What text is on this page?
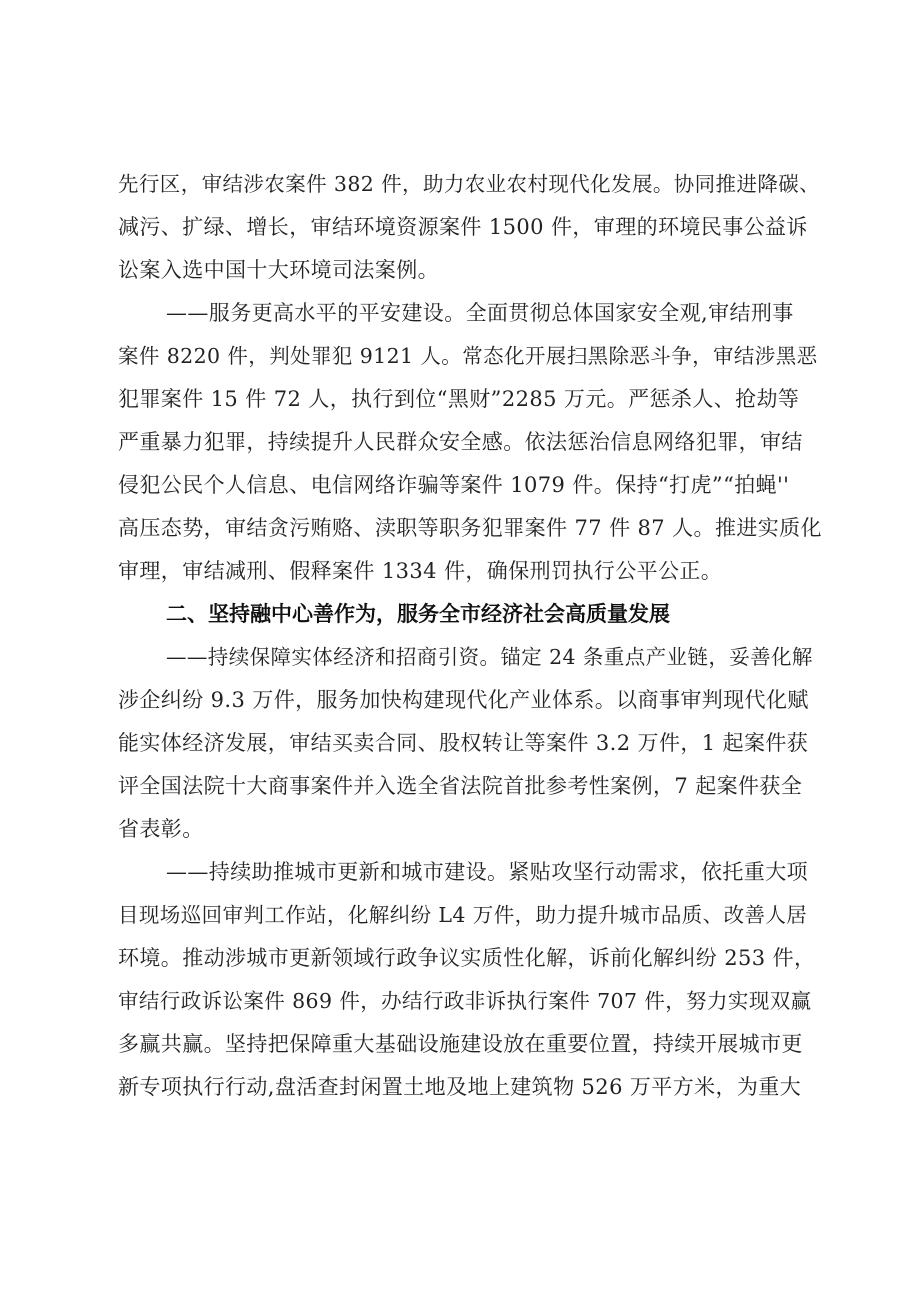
先行区，审结涉农案件 382 件，助力农业农村现代化发展。协同推进降碳、
减污、扩绿、增长，审结环境资源案件 1500 件，审理的环境民事公益诉
讼案入选中国十大环境司法案例。
——服务更高水平的平安建设。全面贯彻总体国家安全观,审结刑事
案件 8220 件，判处罪犯 9121 人。常态化开展扫黑除恶斗争，审结涉黑恶
犯罪案件 15 件 72 人，执行到位“黑财”2285 万元。严惩杀人、抢劫等
严重暴力犯罪，持续提升人民群众安全感。依法惩治信息网络犯罪，审结
侵犯公民个人信息、电信网络诈骗等案件 1079 件。保持“打虎”“拍蝇''
高压态势，审结贪污贿赂、渎职等职务犯罪案件 77 件 87 人。推进实质化
审理，审结减刑、假释案件 1334 件，确保刑罚执行公平公正。
二、坚持融中心善作为，服务全市经济社会高质量发展
——持续保障实体经济和招商引资。锚定 24 条重点产业链，妥善化解
涉企纠纷 9.3 万件，服务加快构建现代化产业体系。以商事审判现代化赋
能实体经济发展，审结买卖合同、股权转让等案件 3.2 万件，1 起案件获
评全国法院十大商事案件并入选全省法院首批参考性案例，7 起案件获全
省表彰。
——持续助推城市更新和城市建设。紧贴攻坚行动需求，依托重大项
目现场巡回审判工作站，化解纠纷 L4 万件，助力提升城市品质、改善人居
环境。推动涉城市更新领域行政争议实质性化解，诉前化解纠纷 253 件，
审结行政诉讼案件 869 件，办结行政非诉执行案件 707 件，努力实现双赢
多赢共赢。坚持把保障重大基础设施建设放在重要位置，持续开展城市更
新专项执行行动,盘活查封闲置土地及地上建筑物 526 万平方米，为重大
